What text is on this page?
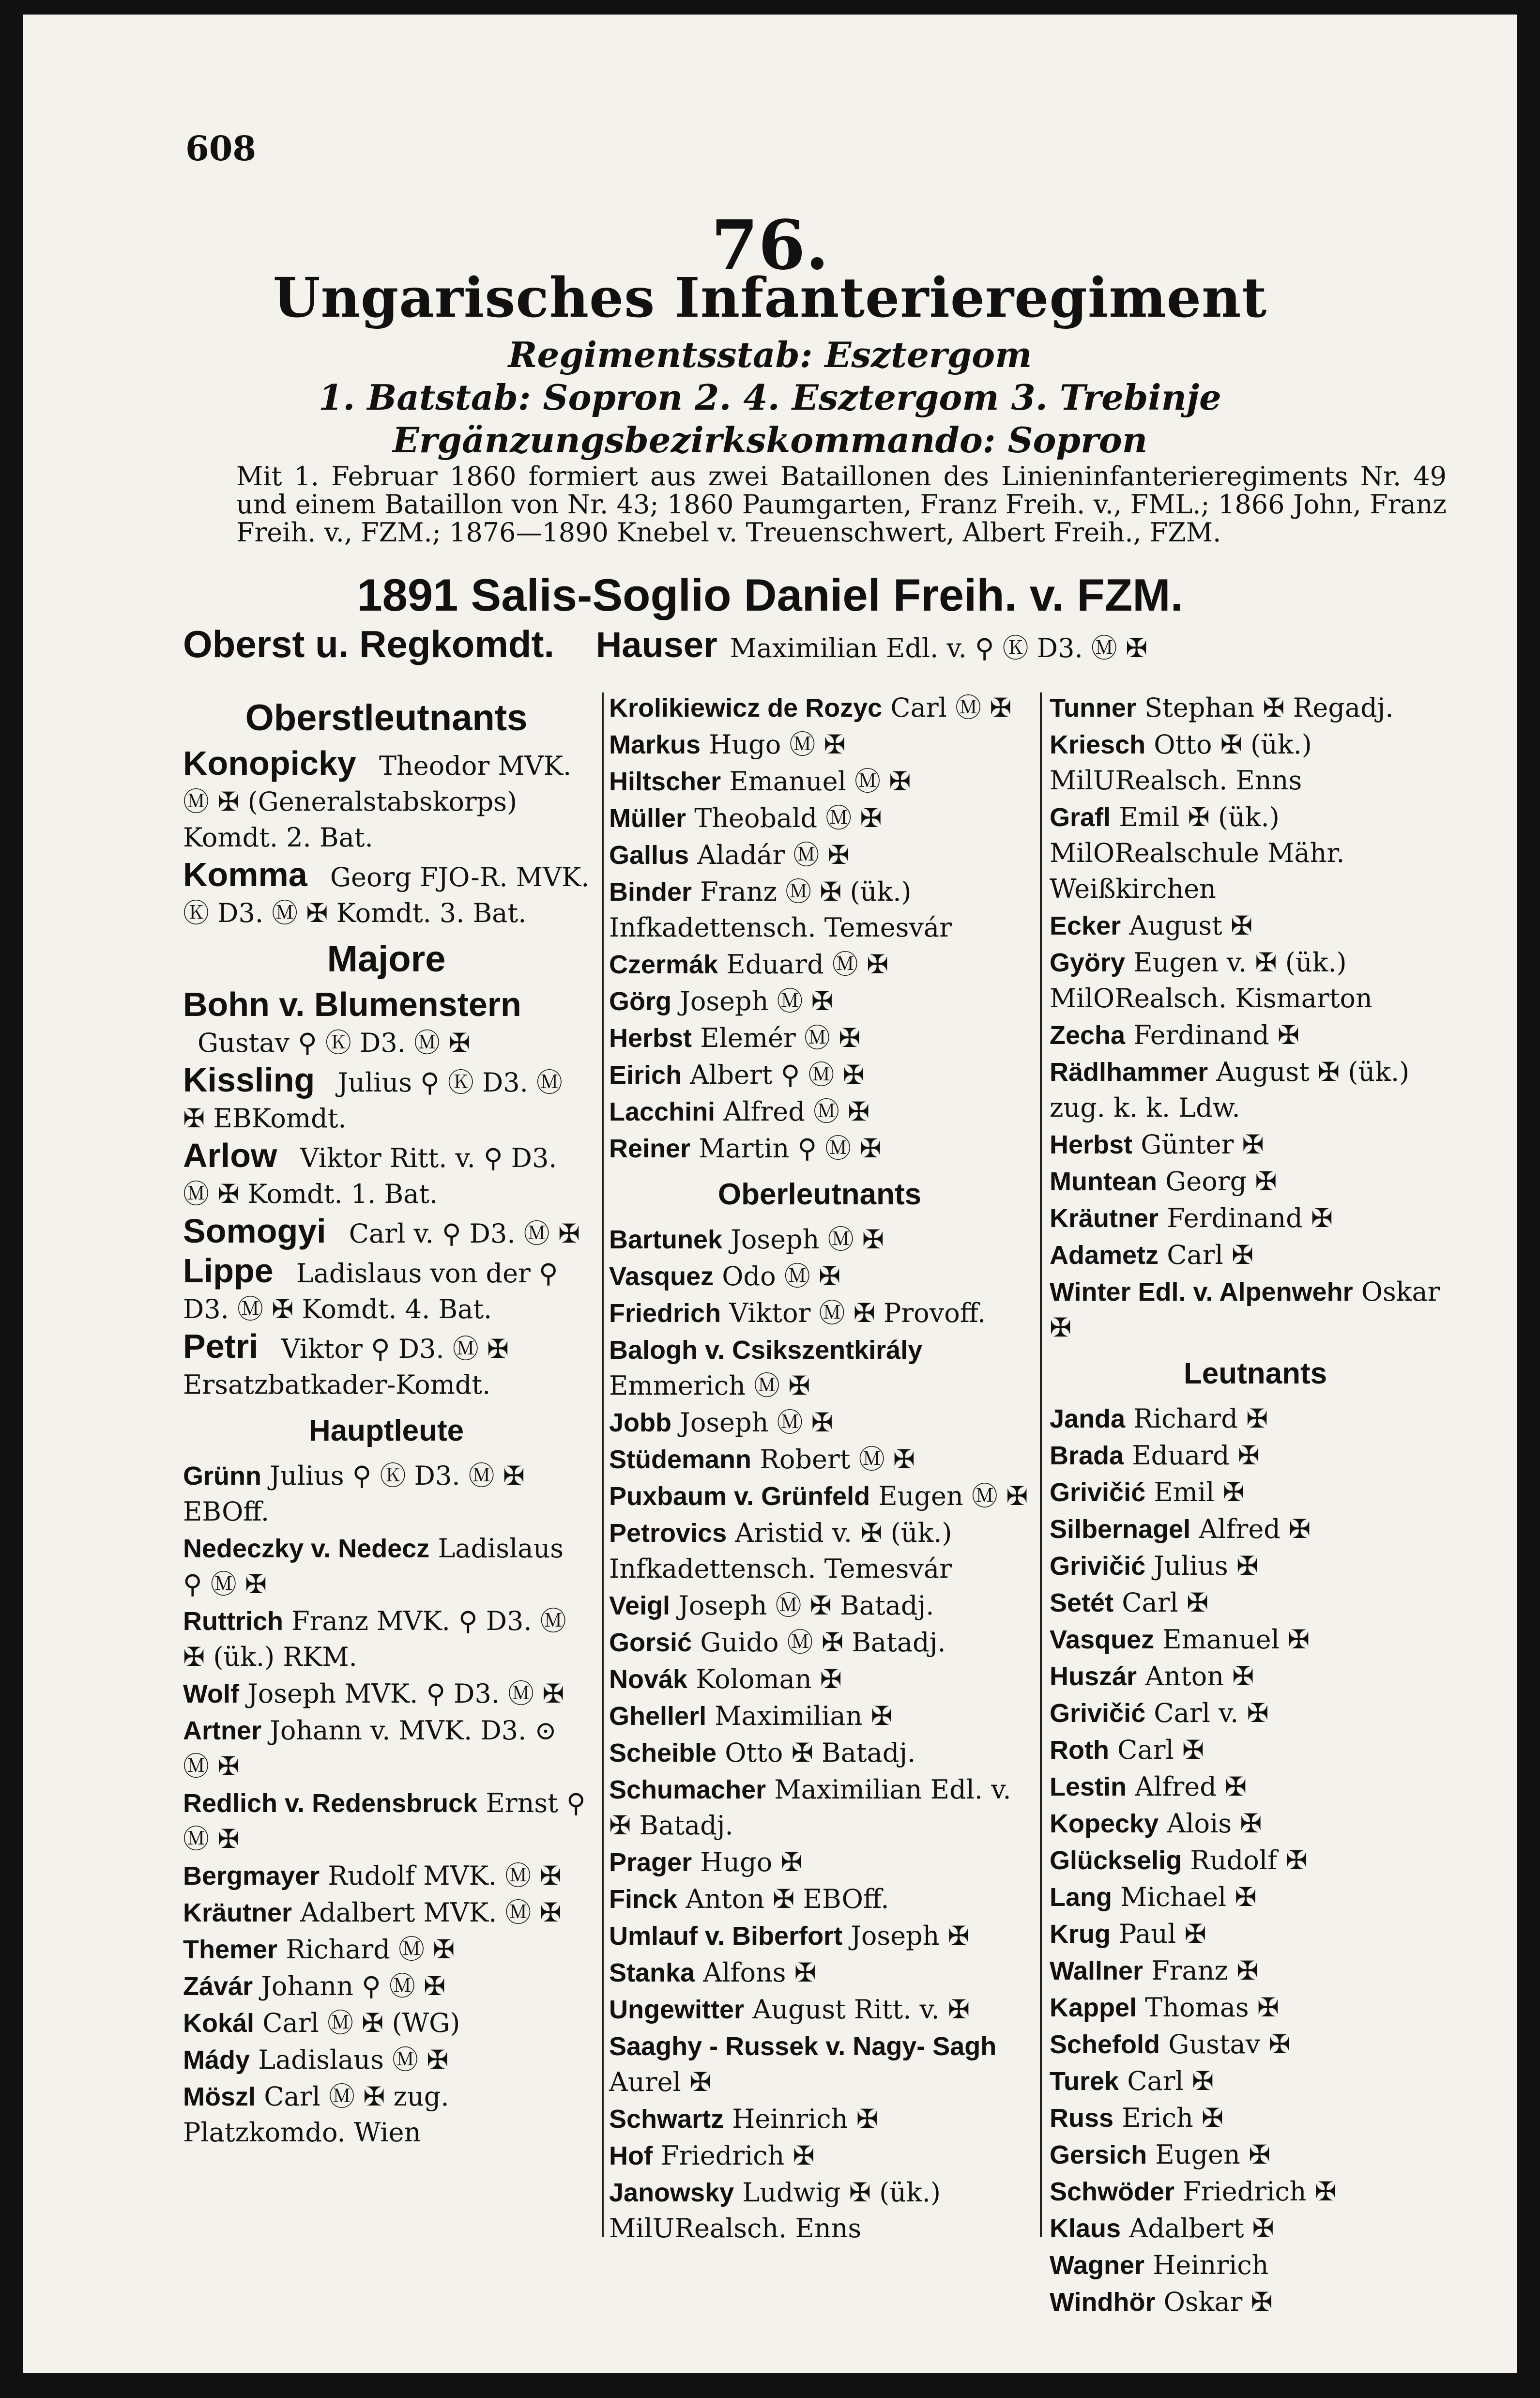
608
76.
Ungarisches Infanterieregiment
Regimentsstab: Esztergom
1. Batstab: Sopron 2. 4. Esztergom 3. Trebinje
Ergänzungsbezirkskommando: Sopron
Mit 1. Februar 1860 formiert aus zwei Bataillonen des Linieninfanterieregiments Nr. 49 und einem Bataillon von Nr. 43; 1860 Paumgarten, Franz Freih. v., FML.; 1866 John, Franz Freih. v., FZM.; 1876—1890 Knebel v. Treuenschwert, Albert Freih., FZM.
1891 Salis-Soglio Daniel Freih. v. FZM.
Oberst u. Regkomdt. Hauser Maximilian Edl. v. ⚲ Ⓚ D3. Ⓜ ✠
Oberstleutnants
Konopicky Theodor MVK. Ⓜ ✠ (Generalstabskorps) Komdt. 2. Bat.
Komma Georg FJO-R. MVK. Ⓚ D3. Ⓜ ✠ Komdt. 3. Bat.
Majore
Bohn v. Blumenstern Gustav ⚲ Ⓚ D3. Ⓜ ✠
Kissling Julius ⚲ Ⓚ D3. Ⓜ ✠ EBKomdt.
Arlow Viktor Ritt. v. ⚲ D3. Ⓜ ✠ Komdt. 1. Bat.
Somogyi Carl v. ⚲ D3. Ⓜ ✠
Lippe Ladislaus von der ⚲ D3. Ⓜ ✠ Komdt. 4. Bat.
Petri Viktor ⚲ D3. Ⓜ ✠ Ersatzbatkader-Komdt.
Hauptleute
Grünn Julius ⚲ Ⓚ D3. Ⓜ ✠ EBOff.
Nedeczky v. Nedecz Ladislaus ⚲ Ⓜ ✠
Ruttrich Franz MVK. ⚲ D3. Ⓜ ✠ (ük.) RKM.
Wolf Joseph MVK. ⚲ D3. Ⓜ ✠
Artner Johann v. MVK. D3. ⊙ Ⓜ ✠
Redlich v. Redensbruck Ernst ⚲ Ⓜ ✠
Bergmayer Rudolf MVK. Ⓜ ✠
Kräutner Adalbert MVK. Ⓜ ✠
Themer Richard Ⓜ ✠
Závár Johann ⚲ Ⓜ ✠
Kokál Carl Ⓜ ✠ (WG)
Mády Ladislaus Ⓜ ✠
Möszl Carl Ⓜ ✠ zug. Platzkomdo. Wien
Krolikiewicz de Rozyc Carl Ⓜ ✠
Markus Hugo Ⓜ ✠
Hiltscher Emanuel Ⓜ ✠
Müller Theobald Ⓜ ✠
Gallus Aladár Ⓜ ✠
Binder Franz Ⓜ ✠ (ük.) Infkadettensch. Temesvár
Czermák Eduard Ⓜ ✠
Görg Joseph Ⓜ ✠
Herbst Elemér Ⓜ ✠
Eirich Albert ⚲ Ⓜ ✠
Lacchini Alfred Ⓜ ✠
Reiner Martin ⚲ Ⓜ ✠
Oberleutnants
Bartunek Joseph Ⓜ ✠
Vasquez Odo Ⓜ ✠
Friedrich Viktor Ⓜ ✠ Provoff.
Balogh v. Csikszentkirály Emmerich Ⓜ ✠
Jobb Joseph Ⓜ ✠
Stüdemann Robert Ⓜ ✠
Puxbaum v. Grünfeld Eugen Ⓜ ✠
Petrovics Aristid v. ✠ (ük.) Infkadettensch. Temesvár
Veigl Joseph Ⓜ ✠ Batadj.
Gorsić Guido Ⓜ ✠ Batadj.
Novák Koloman ✠
Ghellerl Maximilian ✠
Scheible Otto ✠ Batadj.
Schumacher Maximilian Edl. v. ✠ Batadj.
Prager Hugo ✠
Finck Anton ✠ EBOff.
Umlauf v. Biberfort Joseph ✠
Stanka Alfons ✠
Ungewitter August Ritt. v. ✠
Saaghy - Russek v. Nagy- Sagh Aurel ✠
Schwartz Heinrich ✠
Hof Friedrich ✠
Janowsky Ludwig ✠ (ük.) MilURealsch. Enns
Tunner Stephan ✠ Regadj.
Kriesch Otto ✠ (ük.) MilURealsch. Enns
Grafl Emil ✠ (ük.) MilORealschule Mähr. Weißkirchen
Ecker August ✠
Györy Eugen v. ✠ (ük.) MilORealsch. Kismarton
Zecha Ferdinand ✠
Rädlhammer August ✠ (ük.) zug. k. k. Ldw.
Herbst Günter ✠
Muntean Georg ✠
Kräutner Ferdinand ✠
Adametz Carl ✠
Winter Edl. v. Alpenwehr Oskar ✠
Leutnants
Janda Richard ✠
Brada Eduard ✠
Grivičić Emil ✠
Silbernagel Alfred ✠
Grivičić Julius ✠
Setét Carl ✠
Vasquez Emanuel ✠
Huszár Anton ✠
Grivičić Carl v. ✠
Roth Carl ✠
Lestin Alfred ✠
Kopecky Alois ✠
Glückselig Rudolf ✠
Lang Michael ✠
Krug Paul ✠
Wallner Franz ✠
Kappel Thomas ✠
Schefold Gustav ✠
Turek Carl ✠
Russ Erich ✠
Gersich Eugen ✠
Schwöder Friedrich ✠
Klaus Adalbert ✠
Wagner Heinrich
Windhör Oskar ✠
